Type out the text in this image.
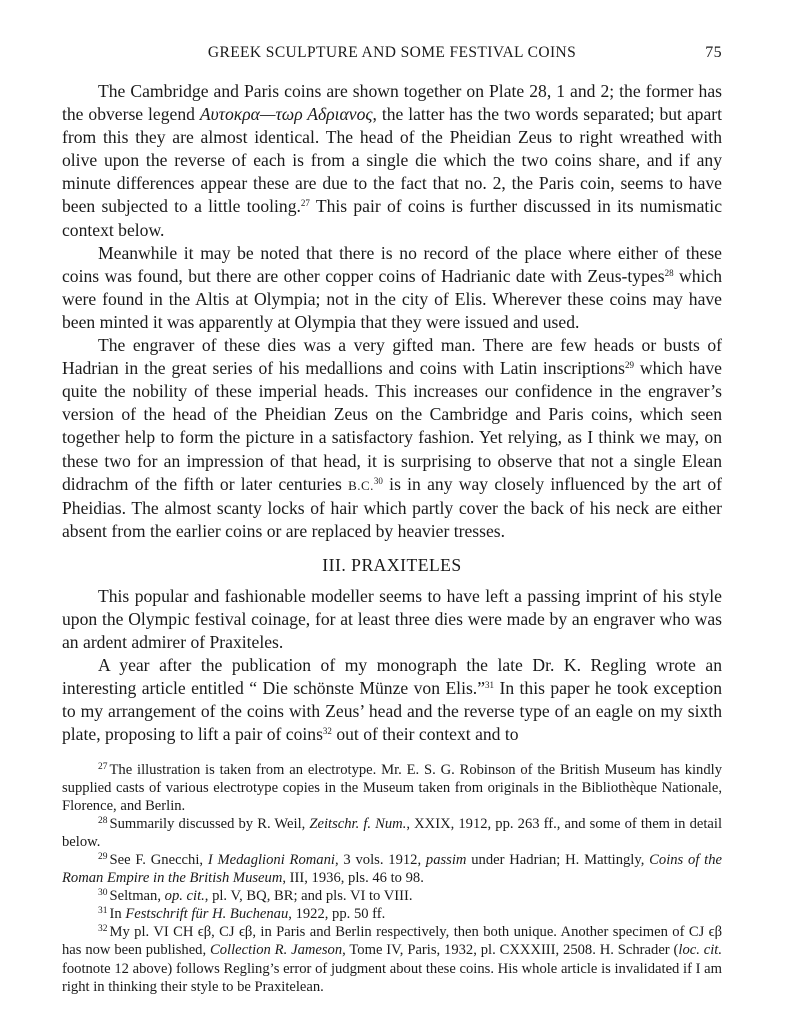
GREEK SCULPTURE AND SOME FESTIVAL COINS	75

The Cambridge and Paris coins are shown together on Plate 28, 1 and 2; the former has the obverse legend Αυτοκρα—τωρ Αδριανος, the latter has the two words separated; but apart from this they are almost identical. The head of the Pheidian Zeus to right wreathed with olive upon the reverse of each is from a single die which the two coins share, and if any minute differences appear these are due to the fact that no. 2, the Paris coin, seems to have been subjected to a little tooling.$^{27}$ This pair of coins is further discussed in its numismatic context below.

Meanwhile it may be noted that there is no record of the place where either of these coins was found, but there are other copper coins of Hadrianic date with Zeus-types$^{28}$ which were found in the Altis at Olympia; not in the city of Elis. Wherever these coins may have been minted it was apparently at Olympia that they were issued and used.

The engraver of these dies was a very gifted man. There are few heads or busts of Hadrian in the great series of his medallions and coins with Latin inscriptions$^{29}$ which have quite the nobility of these imperial heads. This increases our confidence in the engraver’s version of the head of the Pheidian Zeus on the Cambridge and Paris coins, which seen together help to form the picture in a satisfactory fashion. Yet relying, as I think we may, on these two for an impression of that head, it is surprising to observe that not a single Elean didrachm of the fifth or later centuries B.C.$^{30}$ is in any way closely influenced by the art of Pheidias. The almost scanty locks of hair which partly cover the back of his neck are either absent from the earlier coins or are replaced by heavier tresses.

III. PRAXITELES

This popular and fashionable modeller seems to have left a passing imprint of his style upon the Olympic festival coinage, for at least three dies were made by an engraver who was an ardent admirer of Praxiteles.

A year after the publication of my monograph the late Dr. K. Regling wrote an interesting article entitled “ Die schönste Münze von Elis.”$^{31}$ In this paper he took exception to my arrangement of the coins with Zeus’ head and the reverse type of an eagle on my sixth plate, proposing to lift a pair of coins$^{32}$ out of their context and to

$^{27}$ The illustration is taken from an electrotype. Mr. E. S. G. Robinson of the British Museum has kindly supplied casts of various electrotype copies in the Museum taken from originals in the Bibliothèque Nationale, Florence, and Berlin.

$^{28}$ Summarily discussed by R. Weil, Zeitschr. f. Num., XXIX, 1912, pp. 263 ff., and some of them in detail below.

$^{29}$ See F. Gnecchi, I Medaglioni Romani, 3 vols. 1912, passim under Hadrian; H. Mattingly, Coins of the Roman Empire in the British Museum, III, 1936, pls. 46 to 98.

$^{30}$ Seltman, op. cit., pl. V, BQ, BR; and pls. VI to VIII.

$^{31}$ In Festschrift für H. Buchenau, 1922, pp. 50 ff.

$^{32}$ My pl. VI CH ϵβ, CJ ϵβ, in Paris and Berlin respectively, then both unique. Another specimen of CJ ϵβ has now been published, Collection R. Jameson, Tome IV, Paris, 1932, pl. CXXXIII, 2508. H. Schrader (loc. cit. footnote 12 above) follows Regling’s error of judgment about these coins. His whole article is invalidated if I am right in thinking their style to be Praxitelean.
